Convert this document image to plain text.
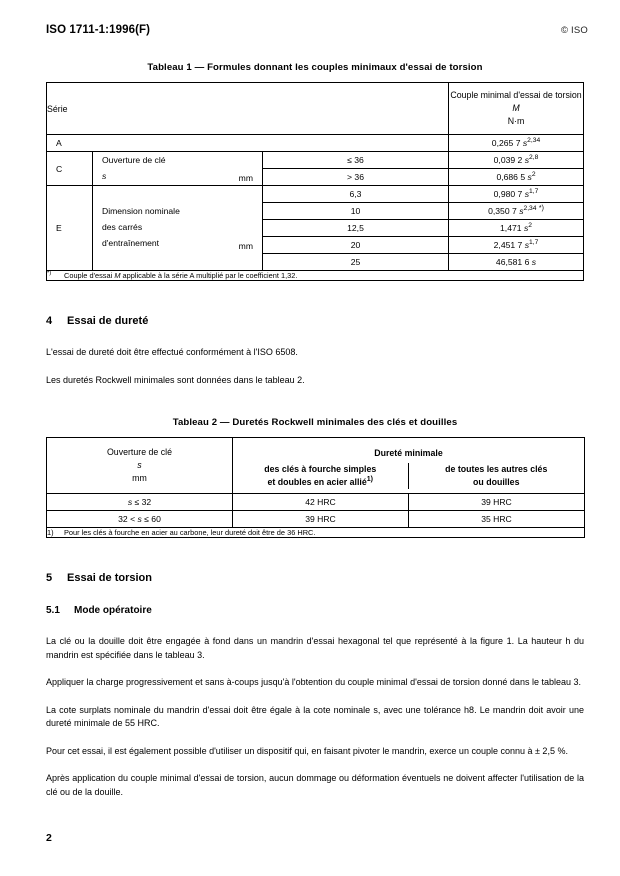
ISO 1711-1:1996(F)	© ISO
Tableau 1 — Formules donnant les couples minimaux d'essai de torsion
Série			Couple minimal d'essai de torsion
M
N·m

A			0,265 7 $s^{2,34}$
C	Ouverture de clé
s mm	≤ 36	0,039 2 $s^{2,8}$
		> 36	0,686 5 $s^2$
E	Dimension nominale
des carrés
d'entraînement mm	6,3	0,980 7 $s^{1,7}$
		10	0,350 7 $s^{2,34}$ *)
		12,5	1,471 $s^2$
		20	2,451 7 $s^{1,7}$
		25	46,581 6 s
*) Couple d'essai M applicable à la série A multiplié par le coefficient 1,32.			
4 Essai de dureté

L'essai de dureté doit être effectué conformément à l'ISO 6508.

Les duretés Rockwell minimales sont données dans le tableau 2.

Tableau 2 — Duretés Rockwell minimales des clés et douilles
Ouverture de clé
s
mm

Dureté minimale
des clés à fourche simples
et doubles en acier allié$^{1)}$
de toutes les autres clés
ou douilles

s ≤ 32	42 HRC	39 HRC
32 < s ≤ 60	39 HRC	35 HRC
1) Pour les clés à fourche en acier au carbone, leur dureté doit être de 36 HRC.		
5 Essai de torsion
5.1 Mode opératoire

La clé ou la douille doit être engagée à fond dans un mandrin d'essai hexagonal tel que représenté à la figure 1. La hauteur h du mandrin est spécifiée dans le tableau 3.

Appliquer la charge progressivement et sans à-coups jusqu'à l'obtention du couple minimal d'essai de torsion donné dans le tableau 3.

La cote surplats nominale du mandrin d'essai doit être égale à la cote nominale s, avec une tolérance h8. Le mandrin doit avoir une dureté minimale de 55 HRC.

Pour cet essai, il est également possible d'utiliser un dispositif qui, en faisant pivoter le mandrin, exerce un couple connu à ± 2,5 %.

Après application du couple minimal d'essai de torsion, aucun dommage ou déformation éventuels ne doivent affecter l'utilisation de la clé ou de la douille.

2
